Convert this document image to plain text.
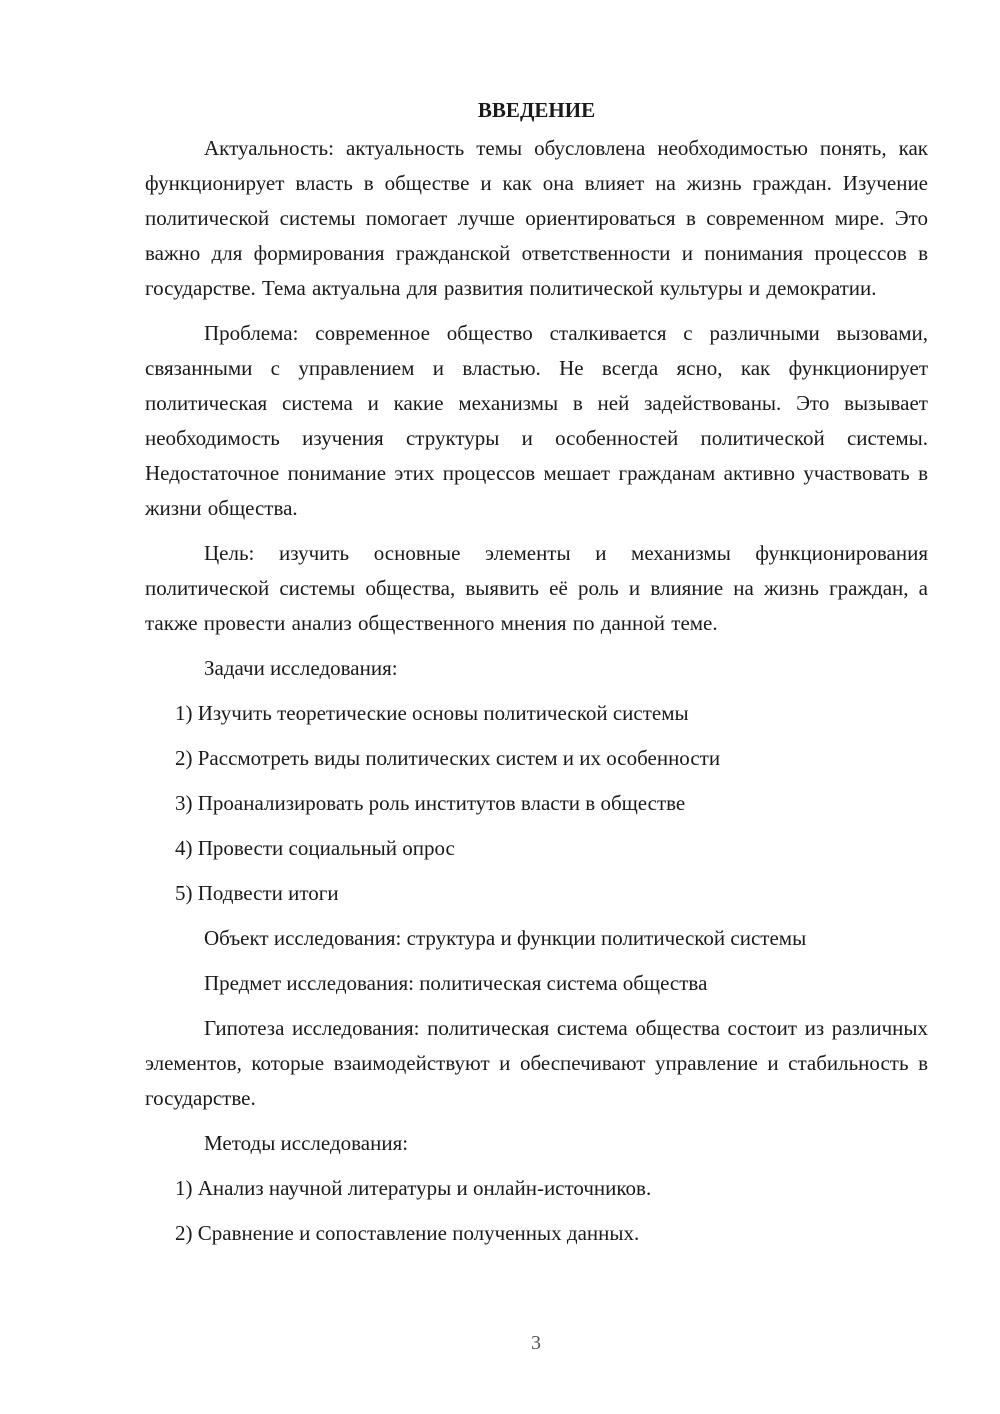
ВВЕДЕНИЕ

Актуальность: актуальность темы обусловлена необходимостью понять, как функционирует власть в обществе и как она влияет на жизнь граждан. Изучение политической системы помогает лучше ориентироваться в современном мире. Это важно для формирования гражданской ответственности и понимания процессов в государстве. Тема актуальна для развития политической культуры и демократии.

Проблема: современное общество сталкивается с различными вызовами, связанными с управлением и властью. Не всегда ясно, как функционирует политическая система и какие механизмы в ней задействованы. Это вызывает необходимость изучения структуры и особенностей политической системы. Недостаточное понимание этих процессов мешает гражданам активно участвовать в жизни общества.

Цель: изучить основные элементы и механизмы функционирования политической системы общества, выявить её роль и влияние на жизнь граждан, а также провести анализ общественного мнения по данной теме.

Задачи исследования:
1) Изучить теоретические основы политической системы
2) Рассмотреть виды политических систем и их особенности
3) Проанализировать роль институтов власти в обществе
4) Провести социальный опрос
5) Подвести итоги
Объект исследования: структура и функции политической системы
Предмет исследования: политическая система общества

Гипотеза исследования: политическая система общества состоит из различных элементов, которые взаимодействуют и обеспечивают управление и стабильность в государстве.

Методы исследования:
1) Анализ научной литературы и онлайн-источников.
2) Сравнение и сопоставление полученных данных.
3
